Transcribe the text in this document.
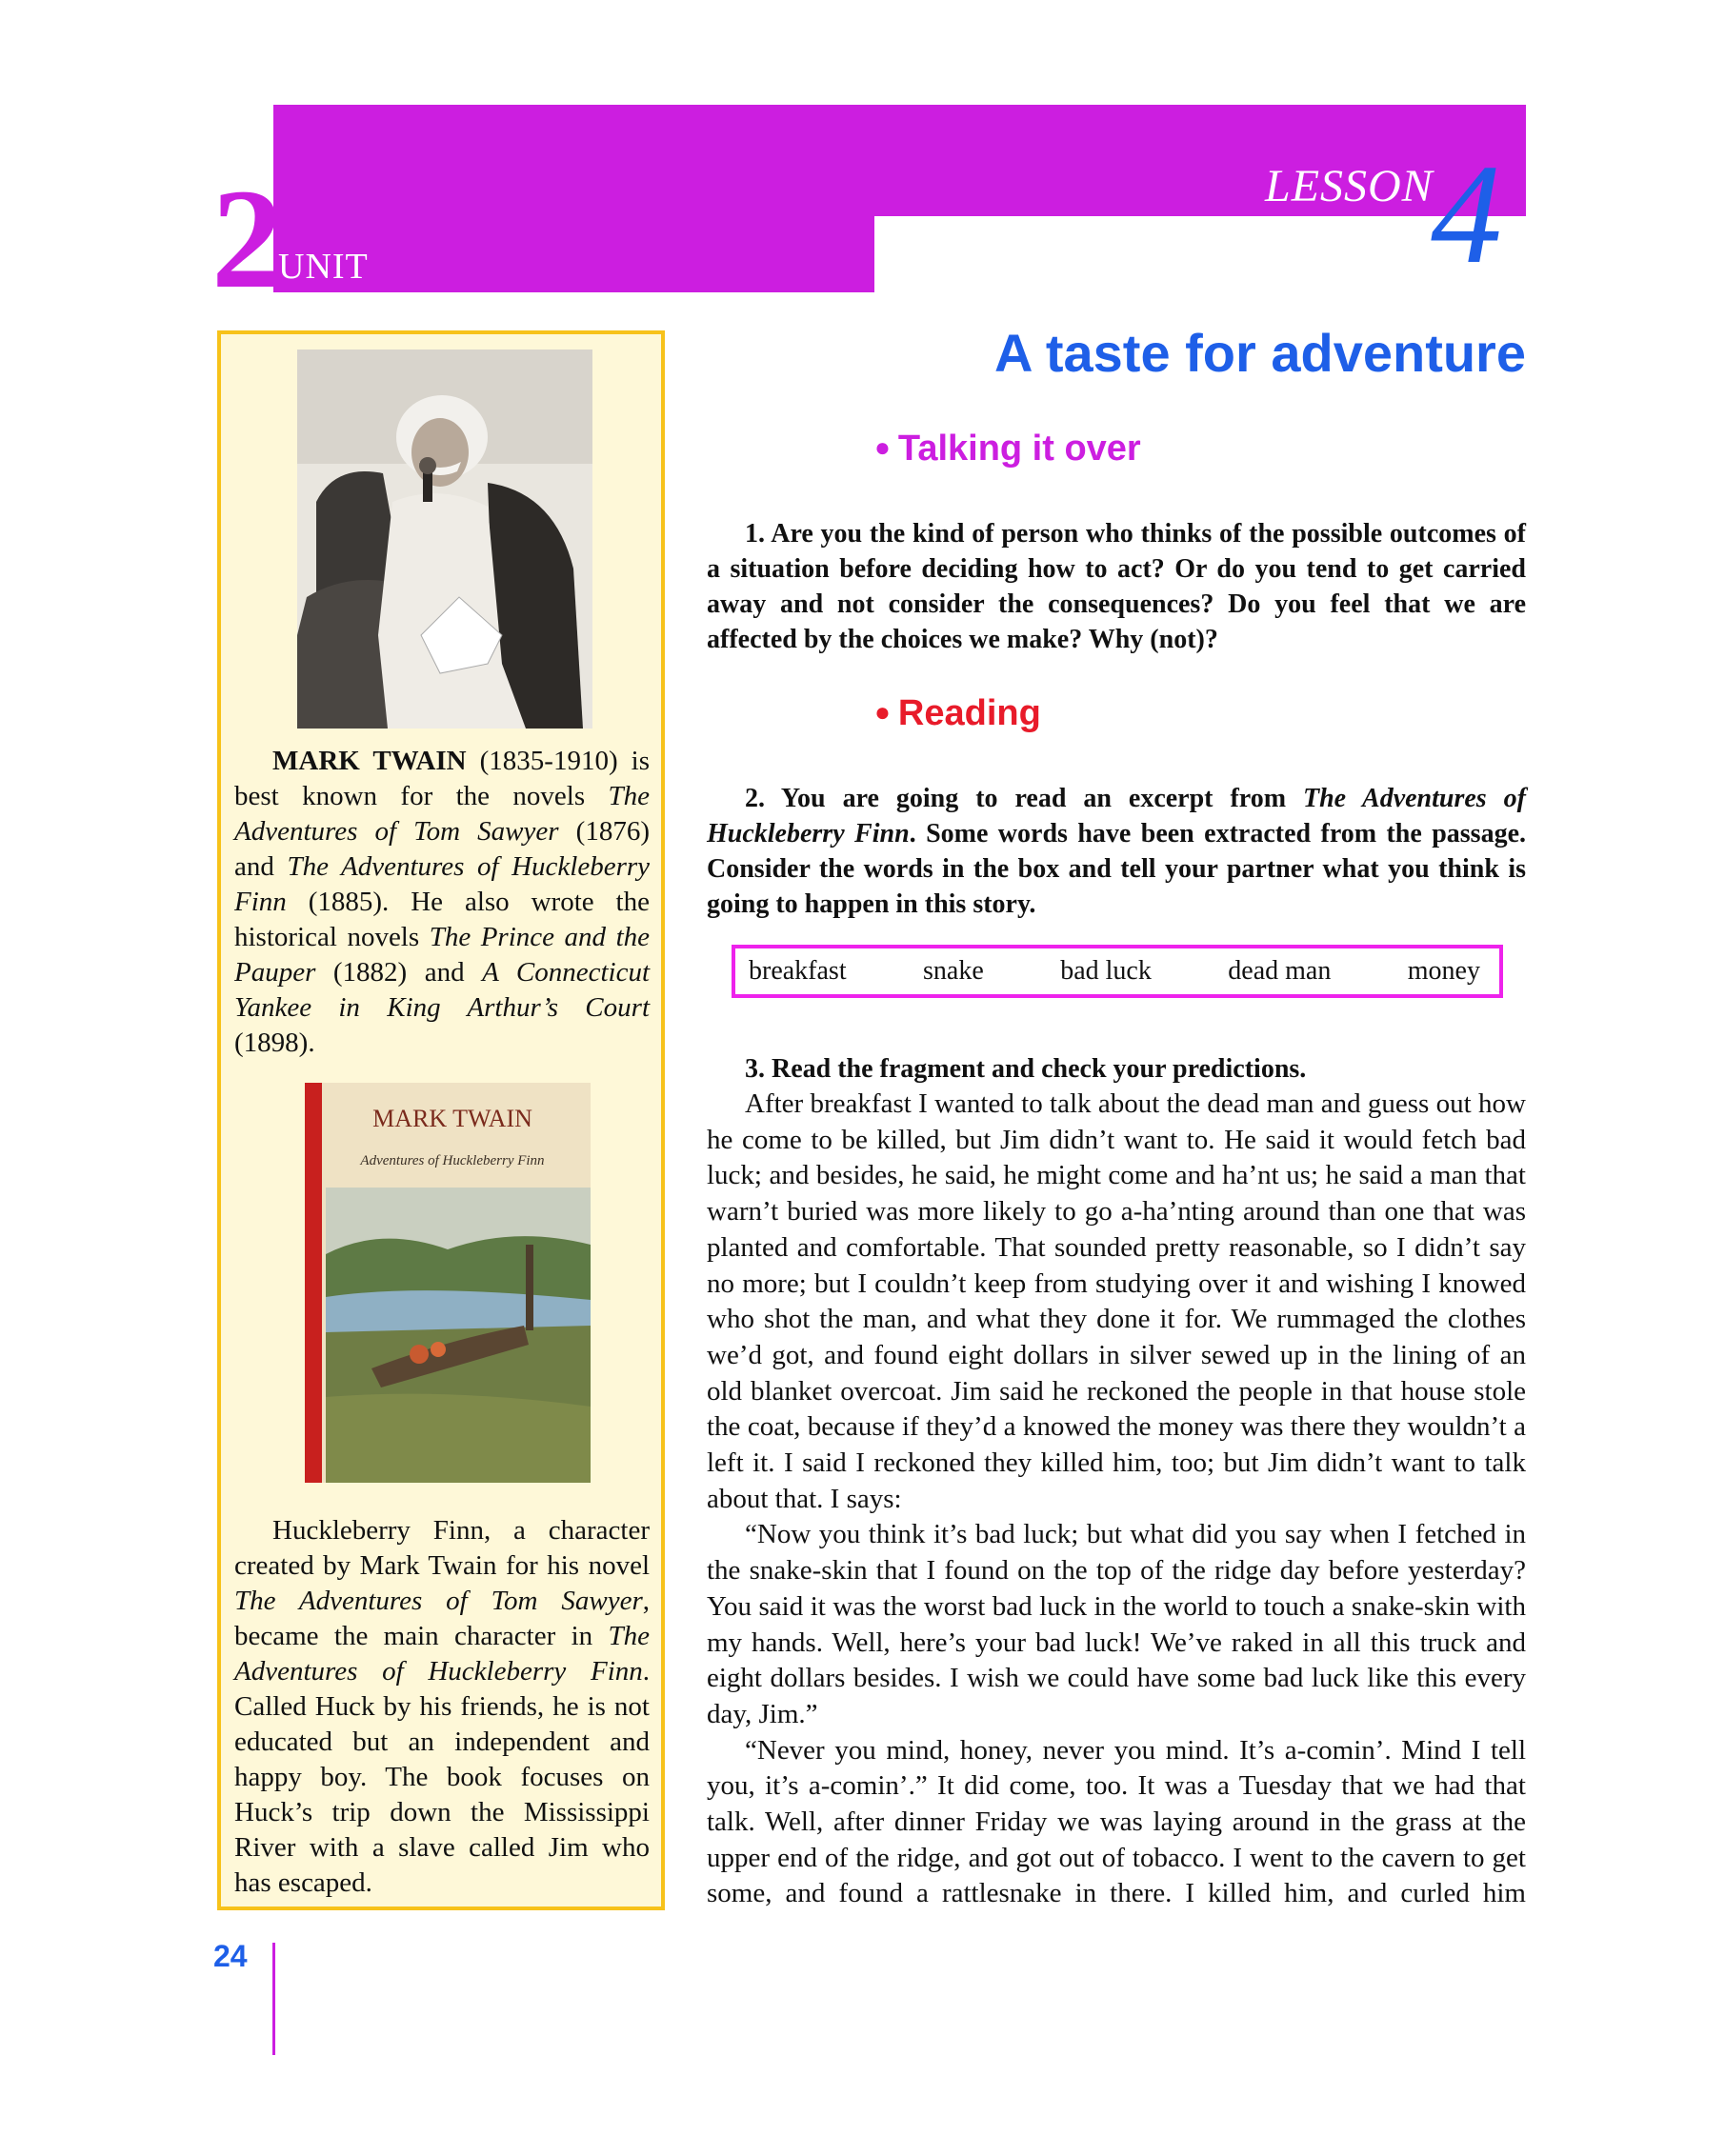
2
UNIT
LESSON
4

MARK TWAIN (1835-1910) is best known for the novels The Adventures of Tom Sawyer (1876) and The Adventures of Huckleberry Finn (1885). He also wrote the historical novels The Prince and the Pauper (1882) and A Connecticut Yankee in King Arthur’s Court (1898).

MARK TWAIN
Adventures of Huckleberry Finn

Huckleberry Finn, a character created by Mark Twain for his novel The Adventures of Tom Sawyer, became the main character in The Adventures of Huckleberry Finn. Called Huck by his friends, he is not educated but an independent and happy boy. The book focuses on Huck’s trip down the Mississippi River with a slave called Jim who has escaped.

A taste for adventure
● Talking it over

1. Are you the kind of person who thinks of the possible outcomes of a situation before deciding how to act? Or do you tend to get carried away and not consider the consequences? Do you feel that we are affected by the choices we make? Why (not)?

● Reading

2. You are going to read an excerpt from The Adventures of Huckleberry Finn. Some words have been extracted from the passage. Consider the words in the box and tell your partner what you think is going to happen in this story.

breakfast	snake	bad luck	dead man	money

3. Read the fragment and check your predictions.

After breakfast I wanted to talk about the dead man and guess out how he come to be killed, but Jim didn’t want to. He said it would fetch bad luck; and besides, he said, he might come and ha’nt us; he said a man that warn’t buried was more likely to go a-ha’nting around than one that was planted and comfortable. That sounded pretty reasonable, so I didn’t say no more; but I couldn’t keep from studying over it and wishing I knowed who shot the man, and what they done it for. We rummaged the clothes we’d got, and found eight dollars in silver sewed up in the lining of an old blanket overcoat. Jim said he reckoned the people in that house stole the coat, because if they’d a knowed the money was there they wouldn’t a left it. I said I reckoned they killed him, too; but Jim didn’t want to talk about that. I says:

“Now you think it’s bad luck; but what did you say when I fetched in the snake-skin that I found on the top of the ridge day before yesterday? You said it was the worst bad luck in the world to touch a snake-skin with my hands. Well, here’s your bad luck! We’ve raked in all this truck and eight dollars besides. I wish we could have some bad luck like this every day, Jim.”

“Never you mind, honey, never you mind. It’s a-comin’. Mind I tell you, it’s a-comin’.” It did come, too. It was a Tuesday that we had that talk. Well, after dinner Friday we was laying around in the grass at the upper end of the ridge, and got out of tobacco. I went to the cavern to get some, and found a rattlesnake in there. I killed him, and curled him

24
